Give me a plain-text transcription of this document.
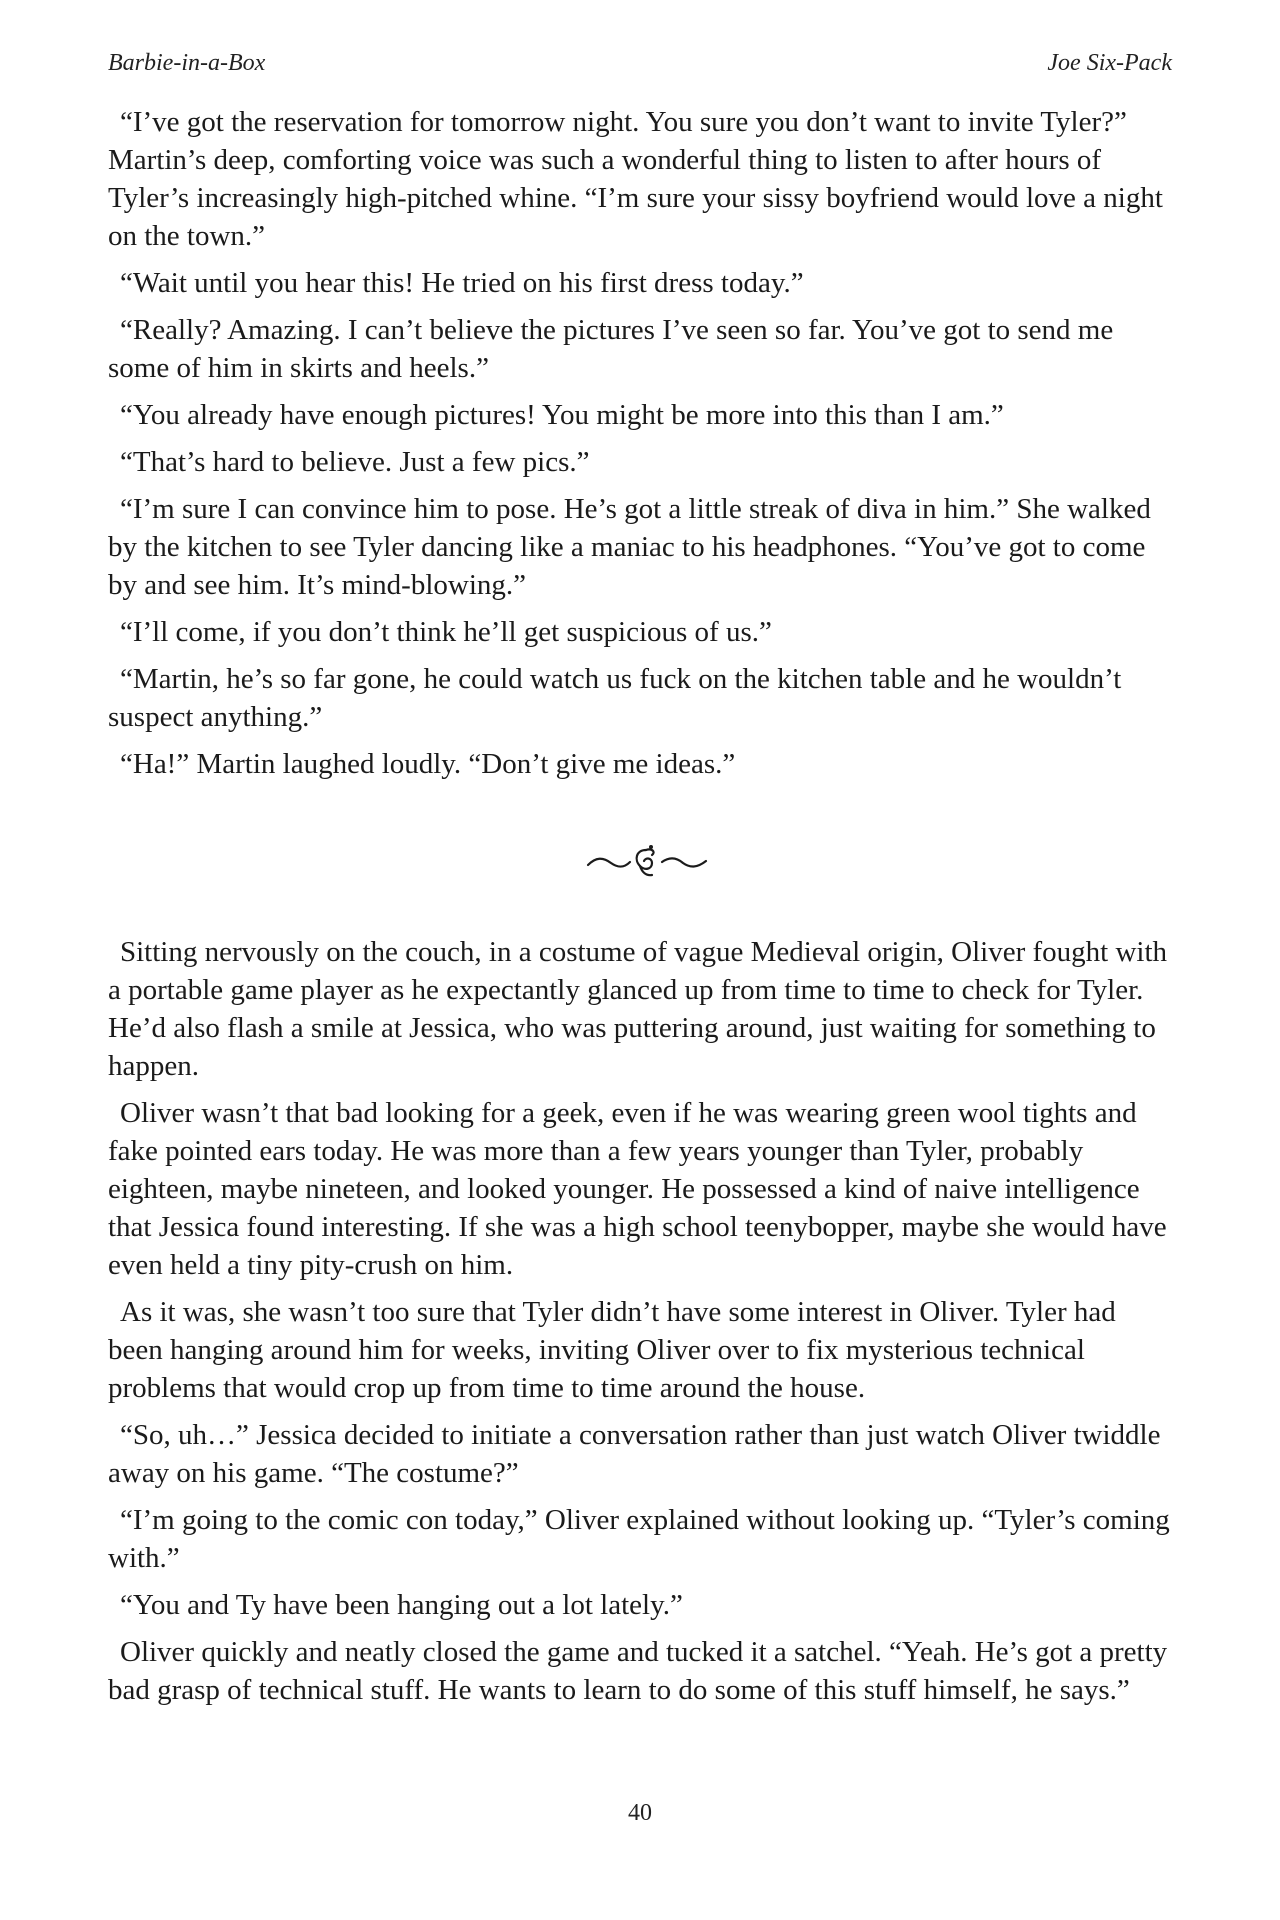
Barbie-in-a-Box	Joe Six-Pack

“I’ve got the reservation for tomorrow night. You sure you don’t want to invite Tyler?” Martin’s deep, comforting voice was such a wonderful thing to listen to after hours of Tyler’s increasingly high-pitched whine. “I’m sure your sissy boyfriend would love a night on the town.”

“Wait until you hear this! He tried on his first dress today.”

“Really? Amazing. I can’t believe the pictures I’ve seen so far. You’ve got to send me some of him in skirts and heels.”

“You already have enough pictures! You might be more into this than I am.”

“That’s hard to believe. Just a few pics.”

“I’m sure I can convince him to pose. He’s got a little streak of diva in him.” She walked by the kitchen to see Tyler dancing like a maniac to his headphones. “You’ve got to come by and see him. It’s mind-blowing.”

“I’ll come, if you don’t think he’ll get suspicious of us.”

“Martin, he’s so far gone, he could watch us fuck on the kitchen table and he wouldn’t suspect anything.”

“Ha!” Martin laughed loudly. “Don’t give me ideas.”

Sitting nervously on the couch, in a costume of vague Medieval origin, Oliver fought with a portable game player as he expectantly glanced up from time to time to check for Tyler. He’d also flash a smile at Jessica, who was puttering around, just waiting for something to happen.

Oliver wasn’t that bad looking for a geek, even if he was wearing green wool tights and fake pointed ears today. He was more than a few years younger than Tyler, probably eighteen, maybe nineteen, and looked younger. He possessed a kind of naive intelligence that Jessica found interesting. If she was a high school teenybopper, maybe she would have even held a tiny pity-crush on him.

As it was, she wasn’t too sure that Tyler didn’t have some interest in Oliver. Tyler had been hanging around him for weeks, inviting Oliver over to fix mysterious technical problems that would crop up from time to time around the house.

“So, uh…” Jessica decided to initiate a conversation rather than just watch Oliver twiddle away on his game. “The costume?”

“I’m going to the comic con today,” Oliver explained without looking up. “Tyler’s coming with.”

“You and Ty have been hanging out a lot lately.”

Oliver quickly and neatly closed the game and tucked it a satchel. “Yeah. He’s got a pretty bad grasp of technical stuff. He wants to learn to do some of this stuff himself, he says.”

40
